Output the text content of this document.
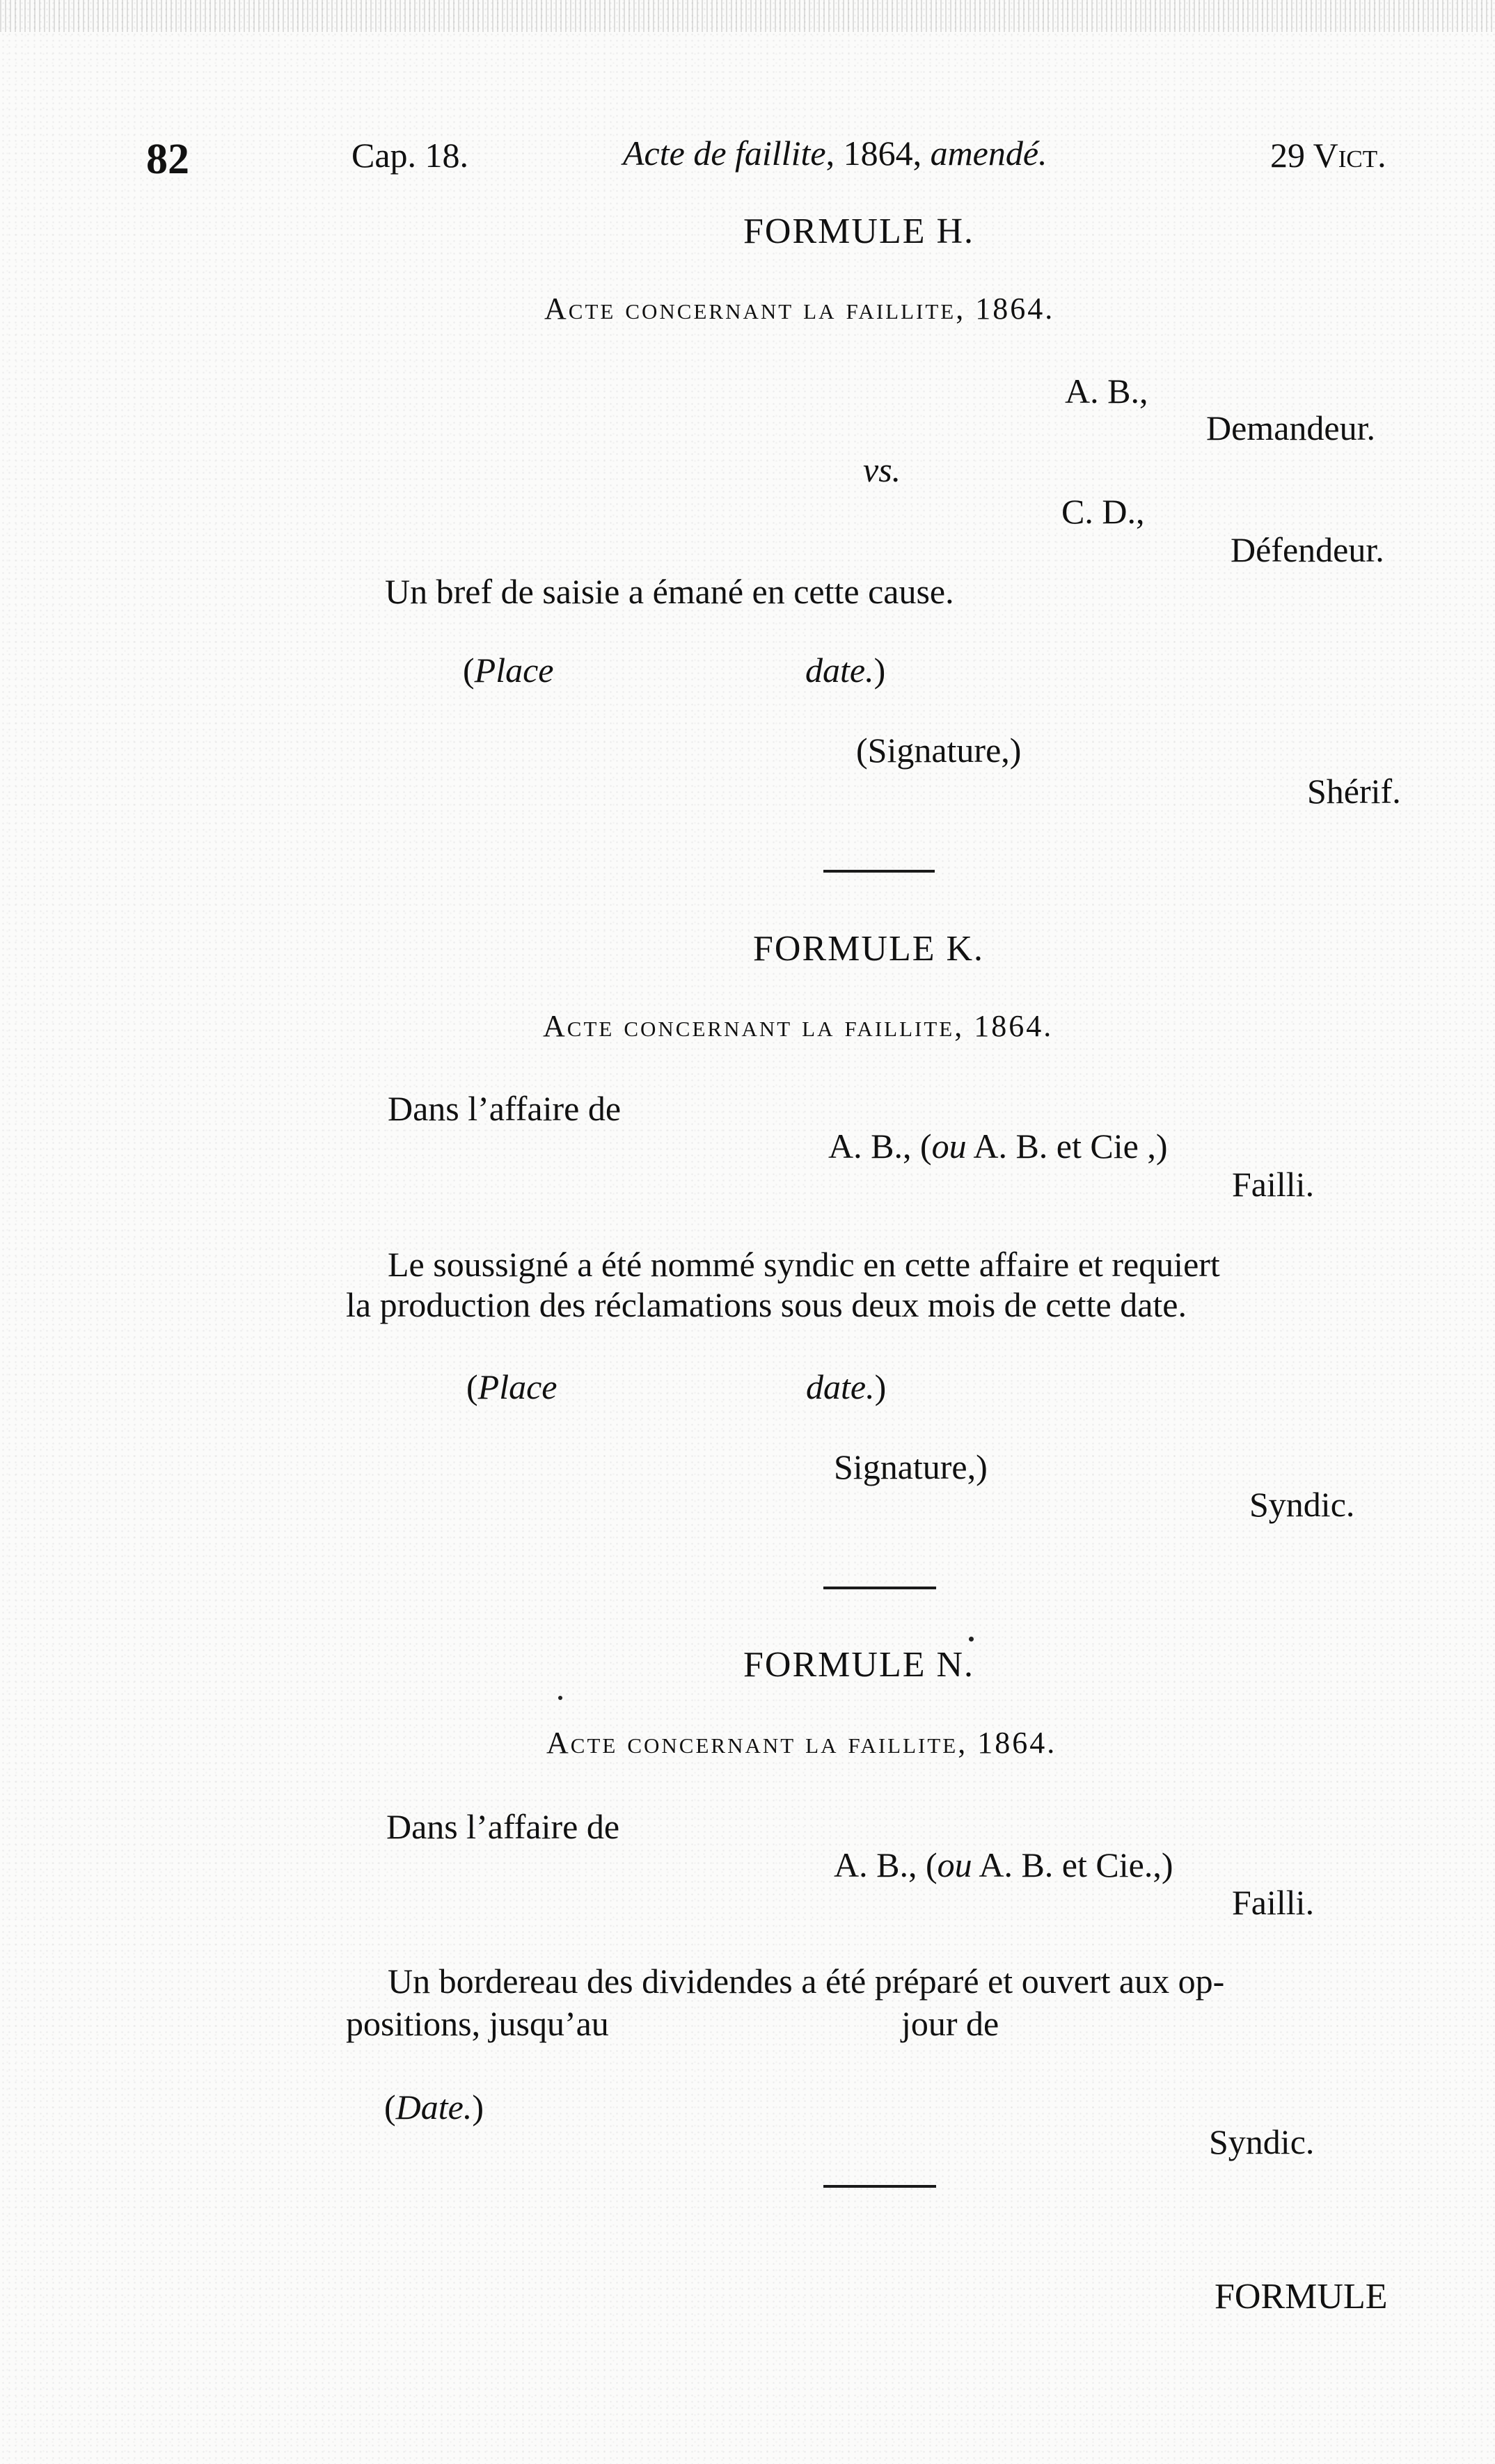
82	Cap. 18.	Acte de faillite, 1864, amendé.	29 Vict.
FORMULE H.
Acte concernant la faillite, 1864.
A. B.,
Demandeur.
vs.
C. D.,
Défendeur.
Un bref de saisie a émané en cette cause.
(Place	date.)
(Signature,)
Shérif.
FORMULE K.
Acte concernant la faillite, 1864.
Dans l’affaire de
A. B., (ou A. B. et Cie ,)
Failli.
Le soussigné a été nommé syndic en cette affaire et requiert
la production des réclamations sous deux mois de cette date.
(Place	date.)
Signature,)
Syndic.
FORMULE N.
Acte concernant la faillite, 1864.
Dans l’affaire de
A. B., (ou A. B. et Cie.,)
Failli.
Un bordereau des dividendes a été préparé et ouvert aux op-
positions, jusqu’au	jour de
(Date.)
Syndic.
FORMULE
